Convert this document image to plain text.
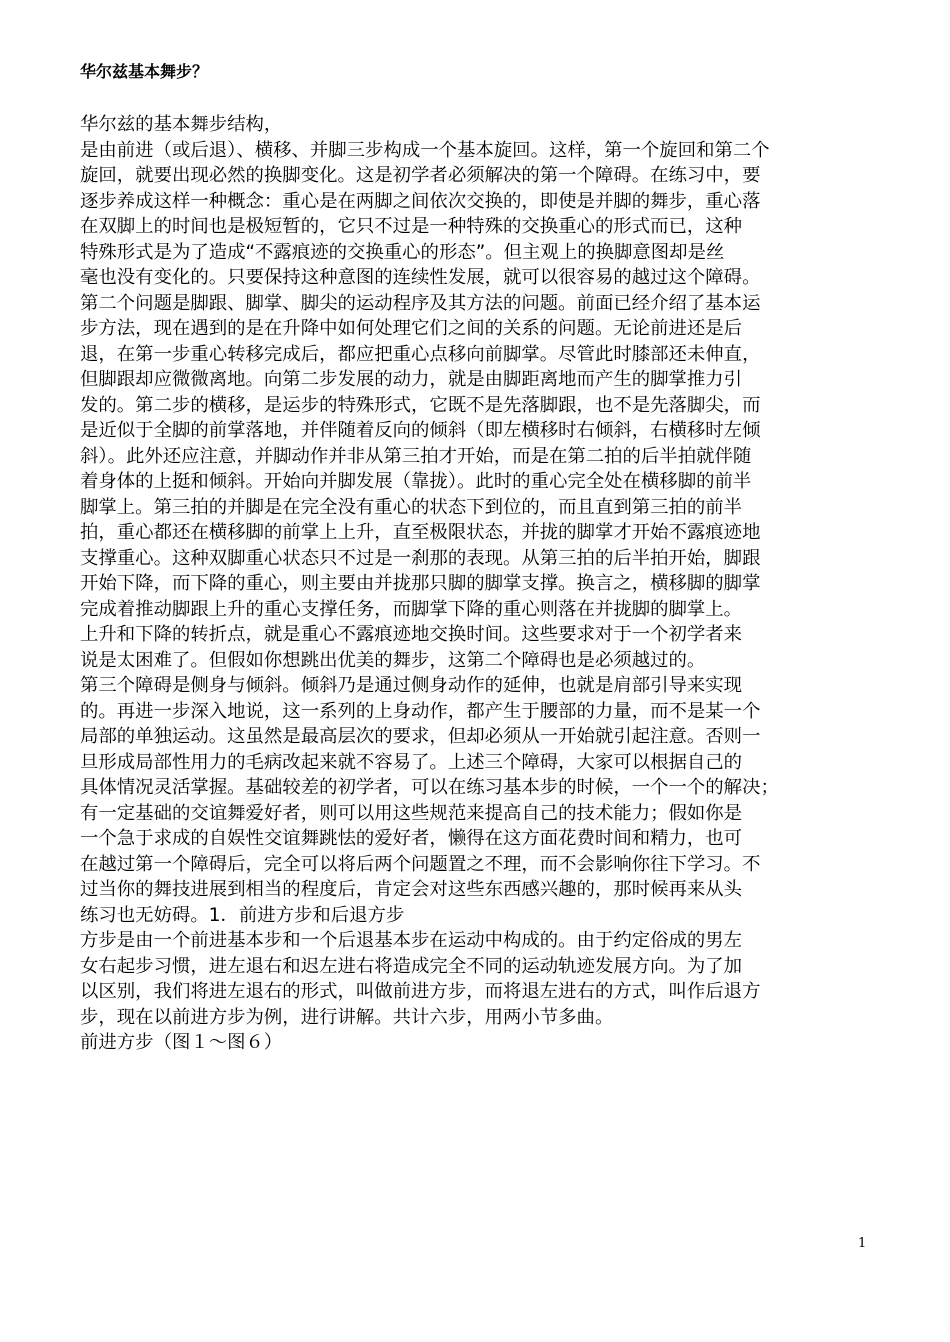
华尔兹基本舞步？
华尔兹的基本舞步结构，
是由前进（或后退）、横移、并脚三步构成一个基本旋回。这样，第一个旋回和第二个
旋回，就要出现必然的换脚变化。这是初学者必须解决的第一个障碍。在练习中，要
逐步养成这样一种概念：重心是在两脚之间依次交换的，即使是并脚的舞步，重心落
在双脚上的时间也是极短暂的，它只不过是一种特殊的交换重心的形式而已，这种
特殊形式是为了造成“不露痕迹的交换重心的形态”。但主观上的换脚意图却是丝
毫也没有变化的。只要保持这种意图的连续性发展，就可以很容易的越过这个障碍。
第二个问题是脚跟、脚掌、脚尖的运动程序及其方法的问题。前面已经介绍了基本运
步方法，现在遇到的是在升降中如何处理它们之间的关系的问题。无论前进还是后
退，在第一步重心转移完成后，都应把重心点移向前脚掌。尽管此时膝部还未伸直，
但脚跟却应微微离地。向第二步发展的动力，就是由脚距离地而产生的脚掌推力引
发的。第二步的横移，是运步的特殊形式，它既不是先落脚跟，也不是先落脚尖，而
是近似于全脚的前掌落地，并伴随着反向的倾斜（即左横移时右倾斜，右横移时左倾
斜）。此外还应注意，并脚动作并非从第三拍才开始，而是在第二拍的后半拍就伴随
着身体的上挺和倾斜。开始向并脚发展（靠拢）。此时的重心完全处在横移脚的前半
脚掌上。第三拍的并脚是在完全没有重心的状态下到位的，而且直到第三拍的前半
拍，重心都还在横移脚的前掌上上升，直至极限状态，并拢的脚掌才开始不露痕迹地
支撑重心。这种双脚重心状态只不过是一刹那的表现。从第三拍的后半拍开始，脚跟
开始下降，而下降的重心，则主要由并拢那只脚的脚掌支撑。换言之，横移脚的脚掌
完成着推动脚跟上升的重心支撑任务，而脚掌下降的重心则落在并拢脚的脚掌上。
上升和下降的转折点，就是重心不露痕迹地交换时间。这些要求对于一个初学者来
说是太困难了。但假如你想跳出优美的舞步，这第二个障碍也是必须越过的。
第三个障碍是侧身与倾斜。倾斜乃是通过侧身动作的延伸，也就是肩部引导来实现
的。再进一步深入地说，这一系列的上身动作，都产生于腰部的力量，而不是某一个
局部的单独运动。这虽然是最高层次的要求，但却必须从一开始就引起注意。否则一
旦形成局部性用力的毛病改起来就不容易了。上述三个障碍，大家可以根据自己的
具体情况灵活掌握。基础较差的初学者，可以在练习基本步的时候，一个一个的解决；
有一定基础的交谊舞爱好者，则可以用这些规范来提高自己的技术能力；假如你是
一个急于求成的自娱性交谊舞跳怯的爱好者，懒得在这方面花费时间和精力，也可
在越过第一个障碍后，完全可以将后两个问题置之不理，而不会影响你往下学习。不
过当你的舞技进展到相当的程度后，肯定会对这些东西感兴趣的，那时候再来从头
练习也无妨碍。1．前进方步和后退方步
方步是由一个前进基本步和一个后退基本步在运动中构成的。由于约定俗成的男左
女右起步习惯，进左退右和迟左进右将造成完全不同的运动轨迹发展方向。为了加
以区别，我们将进左退右的形式，叫做前进方步，而将退左进右的方式，叫作后退方
步，现在以前进方步为例，进行讲解。共计六步，用两小节多曲。
前进方步（图１～图６）
1
